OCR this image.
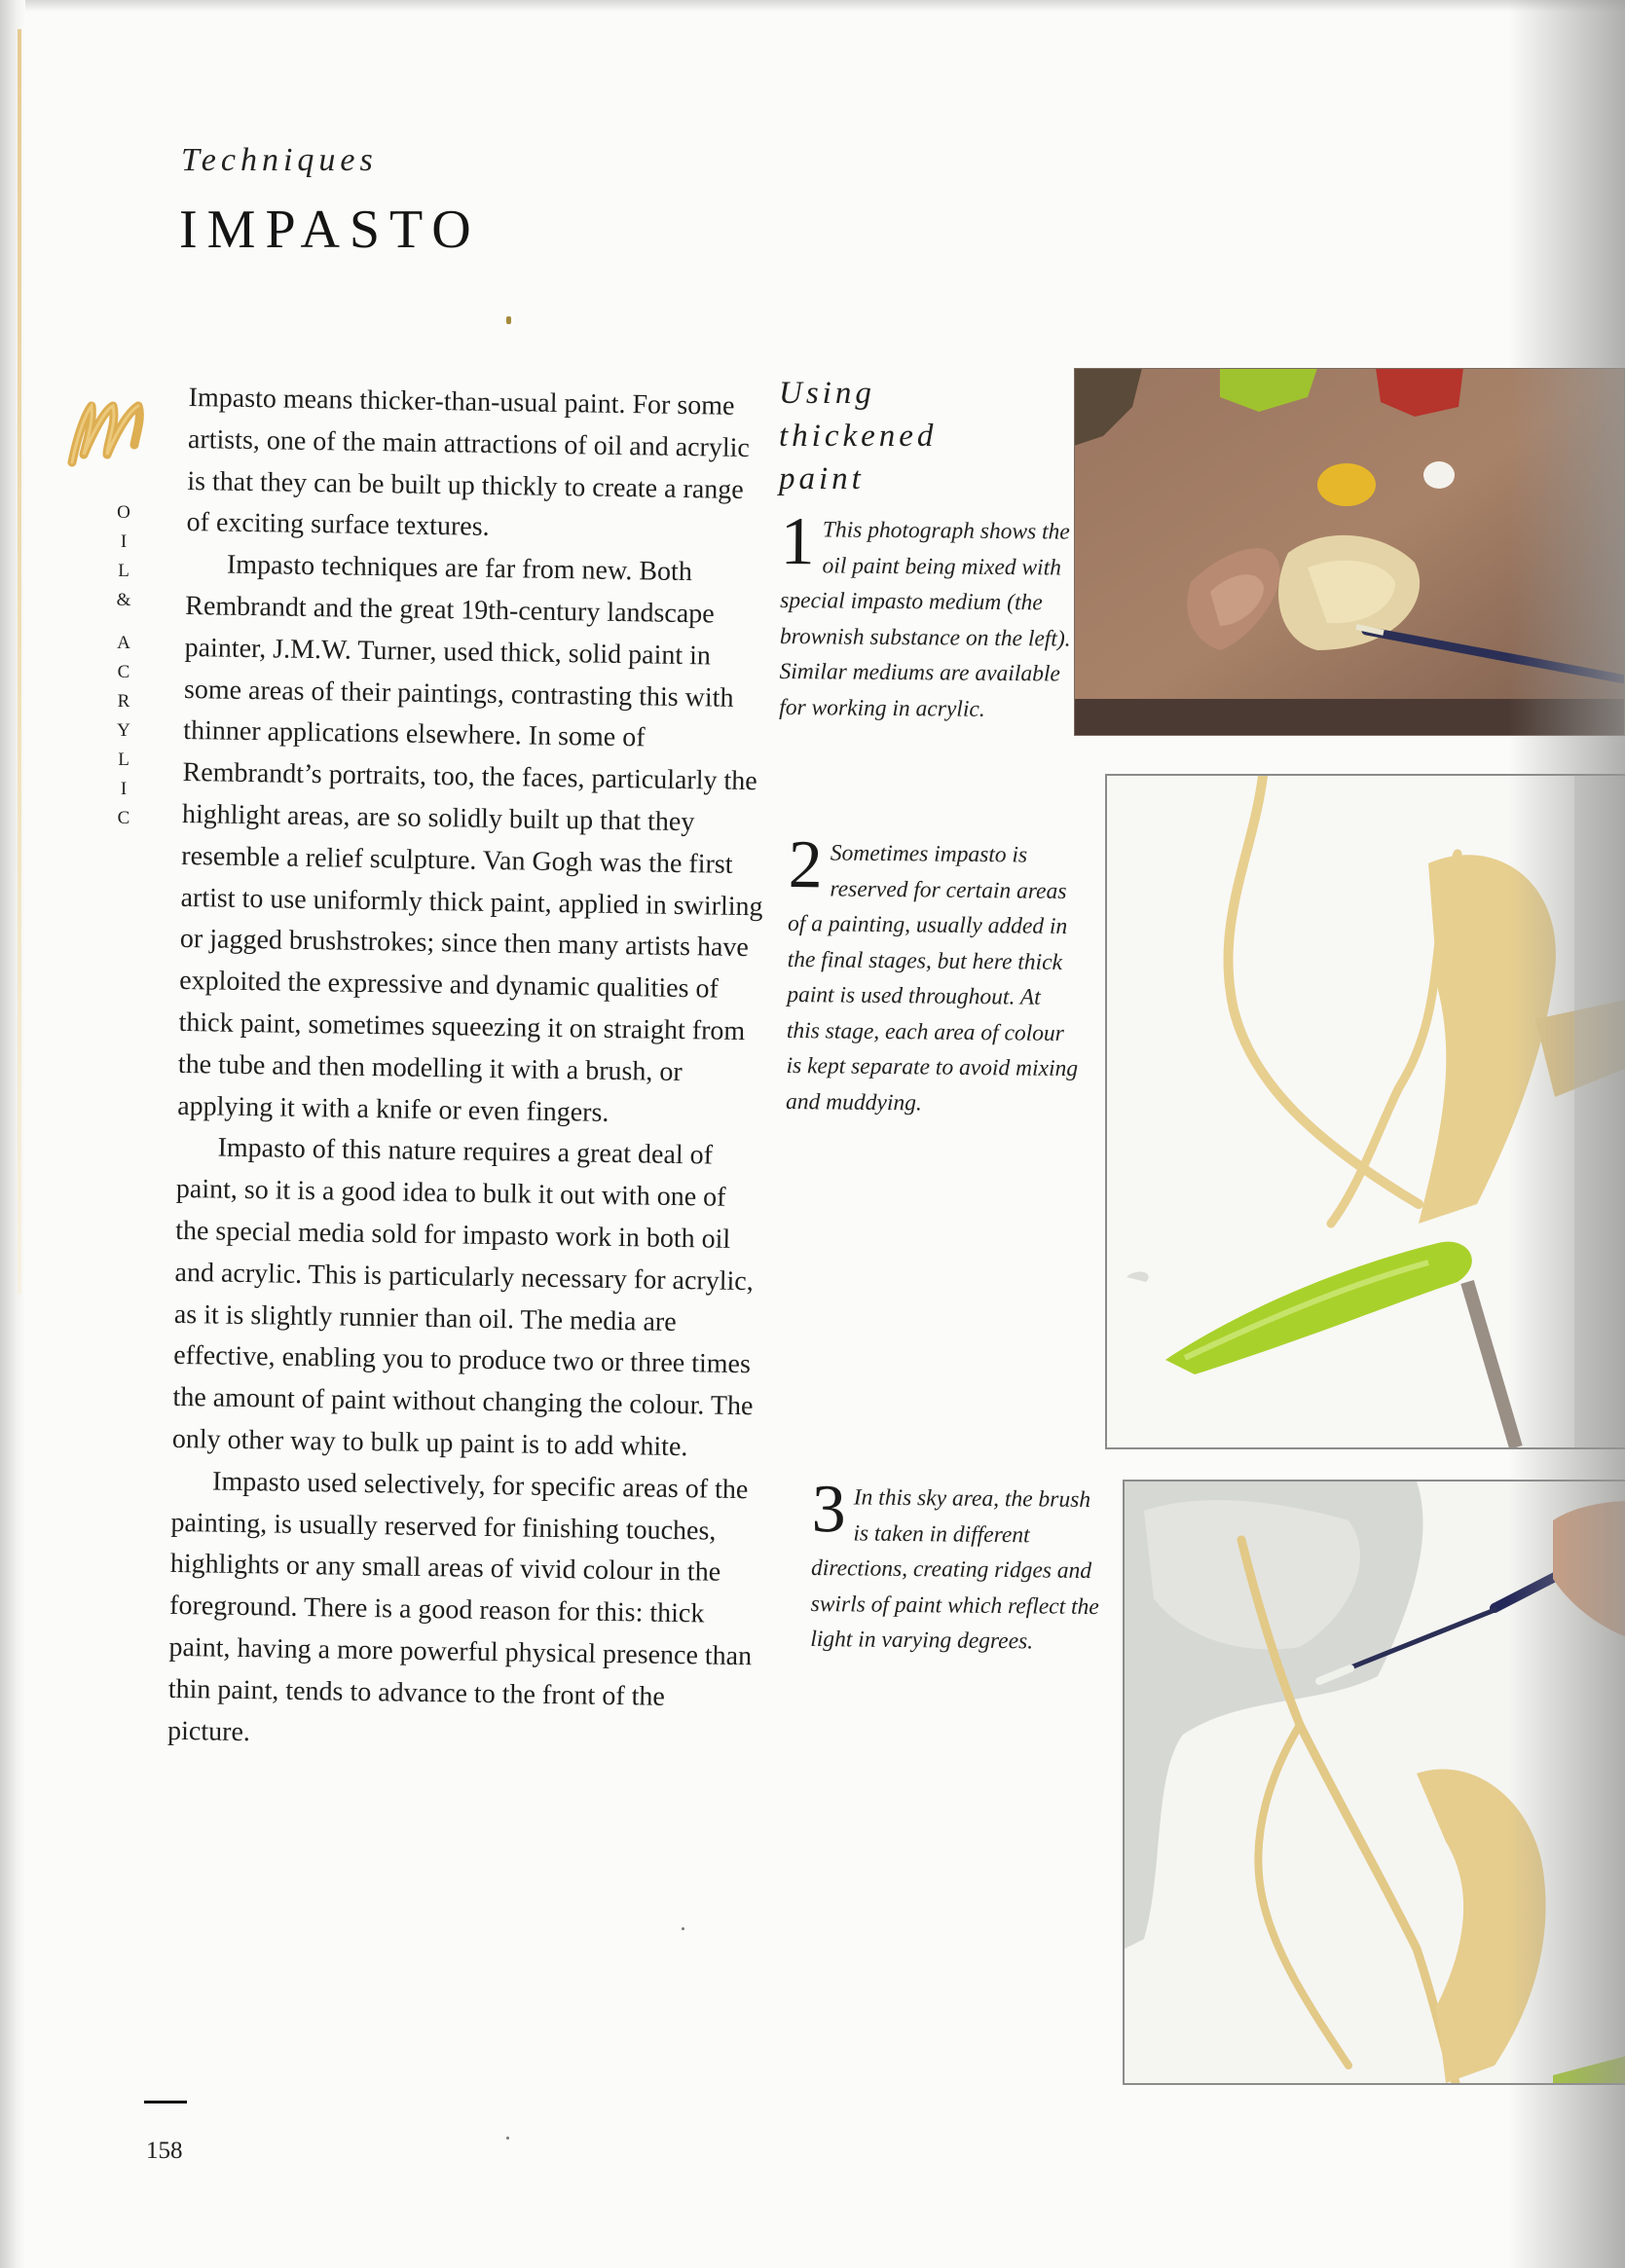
Techniques
IMPASTO
O
I
L
&
A
C
R
Y
L
I
C

Impasto means thicker-than-usual paint. For some artists, one of the main attractions of oil and acrylic is that they can be built up thickly to create a range of exciting surface textures.

Impasto techniques are far from new. Both Rembrandt and the great 19th-century landscape painter, J.M.W. Turner, used thick, solid paint in some areas of their paintings, contrasting this with thinner applications elsewhere. In some of Rembrandt’s portraits, too, the faces, particularly the highlight areas, are so solidly built up that they resemble a relief sculpture. Van Gogh was the first artist to use uniformly thick paint, applied in swirling or jagged brushstrokes; since then many artists have exploited the expressive and dynamic qualities of thick paint, sometimes squeezing it on straight from the tube and then modelling it with a brush, or applying it with a knife or even fingers.

Impasto of this nature requires a great deal of paint, so it is a good idea to bulk it out with one of the special media sold for impasto work in both oil and acrylic. This is particularly necessary for acrylic, as it is slightly runnier than oil. The media are effective, enabling you to produce two or three times the amount of paint without changing the colour. The only other way to bulk up paint is to add white.

Impasto used selectively, for specific areas of the painting, is usually reserved for finishing touches, highlights or any small areas of vivid colour in the foreground. There is a good reason for this: thick paint, having a more powerful physical presence than thin paint, tends to advance to the front of the picture.

Using thickened paint
1 This photograph shows the oil paint being mixed with special impasto medium (the brownish substance on the left). Similar mediums are available for working in acrylic.
2 Sometimes impasto is reserved for certain areas of a painting, usually added in the final stages, but here thick paint is used throughout. At this stage, each area of colour is kept separate to avoid mixing and muddying.
3 In this sky area, the brush is taken in different directions, creating ridges and swirls of paint which reflect the light in varying degrees.
158
